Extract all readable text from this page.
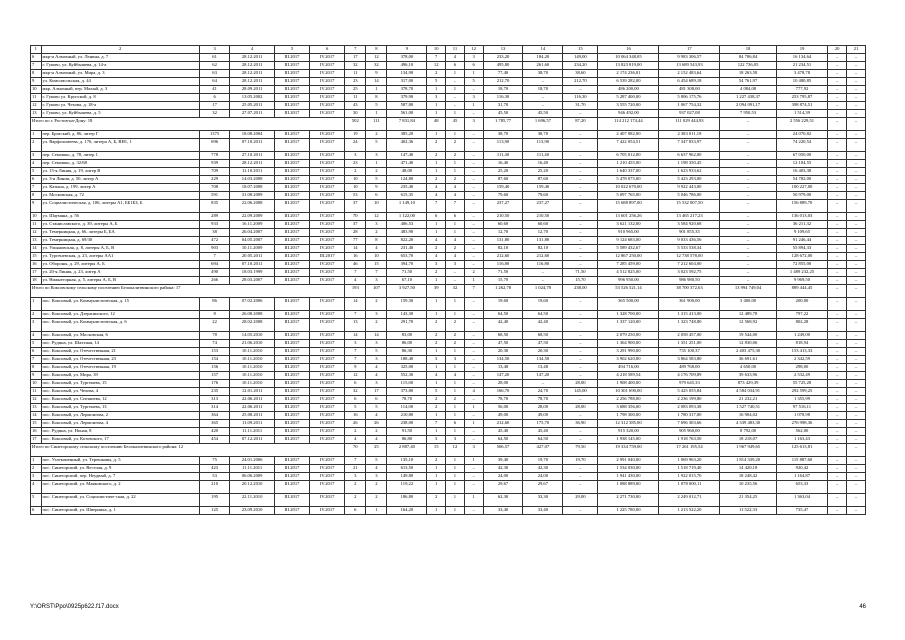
1	2	3	4	5	6	7	8	9	10	11	12	13	14	15	16	17	18	19	20	21
6	мкр-н Алмазный, ул. Ленина, д. 7	61	28.12.2011	III.2017	IV.2017	17	12	378,00	7	4	3	233,20	184,20	149,00	10 064 348,05	9 983 306,57	84 706,84	16 134,64	–	–
7	г. Гуково, ул. Куйбышева, д. 14-а	62	28.12.2011	III.2017	IV.2017	32	32	496,10	12	6	6	495,80	261,60	234,20	13 823 819,00	13 689 543,93	122 736,05	21 234,51	–	–
8	мкр-н Алмазный, ул. Мира, д. 3	63	28.12.2011	III.2017	IV.2017	11	9	134,90	2	1	1	77,40	38,70	38,60	2 174 236,01	2 152 483,64	18 263,58	3 478,78	–	–
9	ул. Комсомольская, д. 44	64	28.12.2011	III.2017	IV.2017	23	14	317,00	5	–	5	212,70	–	212,70	6 539 282,00	6 454 689,18	54 761,97	10 480,85	–	–
10	мкр. Алмазный, пер. Малый, д. 3	41	28.09.2011	III.2017	IV.2017	25	1	378,70	1	1	–	18,70	18,70	–	486 200,00	481 308,00	4 084,08	777,92	–	–
11	г. Гуково ул. Крупской, д. 8	6	13.05.2002	III.2017	IV.2017	11	8	379,90	3	–	3	116,30	–	116,30	5 287 400,00	5 806 175,76	1 227 438,37	253 795,87	–	–
12	г. Гуково ул. Чехова, д. 18-а	17	25.05.2011	III.2017	IV.2017	43	5	587,80	1	–	1	31,70	–	31,70	3 555 720,00	1 067 754,32	2 094 091,17	398 874,51	–	–
13	г. Гуково, ул. Куйбышева, д. 5	32	27.07.2011	III.2017	IV.2017	30	1	561,00	1	1	–	45,50	45,50	–	946 492,00	937 027,08	7 950,53	1 514,39	–	–
Итого по г. Ростов-на-Дону: 18						502	111	7 831,84	48	45	3	1 785,77	1 696,57	87,20	114 212 174,44	111 029 444,93	–	2 556 229,51	–	–
1	пер. Братский, д. 86, литер Г	1375	18.08.2004	III.2017	IV.2017	19	2	385,20	1	1	–	38,70	38,70	–	2 407 082,00	2 383 011,18	–	24 070,82	–	–
2	ул. Варфоломеева, д. 176, литера А, Б, ВН1, 1	696	07.10.2011	III.2017	IV.2017	24	5	402,36	2	2	–	113,90	113,90	–	7 422 054,51	7 347 833,97	–	74 220,54	–	–
3	пер. Семашко, д. 78, литер 1	778	27.10.2011	III.2017	IV.2017	3	3	147,40	2	2	–	111,40	111,40	–	6 705 012,00	6 637 962,00	–	67 050,00	–	–
4	пер. Семашко, д. 32/68	939	28.12.2011	III.2017	IV.2017	23	1	471,40	1	1	–	16,40	16,40	–	1 210 455,00	1 198 350,45	–	12 104,55	–	–
5	ул. 15-я Линия, д. 19, литер В	709	11.10.2011	III.2017	IV.2017	2	2	48,00	1	1	–	25,20	25,20	–	1 640 337,00	1 623 933,62	–	16 403,38	–	–
6	ул. 3-я Линия, д. 50, литер А	229	14.03.2008	III.2017	IV.2017	10	5	124,80	2	2	–	87,60	87,60	–	5 478 075,00	5 423 293,00	–	54 782,00	–	–
7	ул. Катына, д. 199, литер А	708	18.07.2008	III.2017	IV.2017	10	9	235,40	4	4	–	159,40	159,40	–	10 022 670,00	9 922 443,00	–	100 227,00	–	–
8	ул. Московская, д. 72	591	31.08.2009	III.2017	IV.2017	53	6	615,35	4	4	–	79,60	79,60	–	5 097 765,00	5 046 786,00	–	50 979,00	–	–
9	ул. Социалистическая, д. 106, литеры А1, ББ1БЗ, Б	835	22.06.2008	III.2017	IV.2017	37	10	1 149,10	7	7	–	237,27	237,27	–	15 688 897,00	15 532 007,50	–	156 889,70	–	–
10	ул. Шаумяна, д. 56	289	22.09.2009	III.2017	IV.2017	70	12	1 122,00	6	6	–	210,50	210,50	–	13 601 256,26	13 465 217,23	–	136 013,03	–	–
11	ул. Станиславского, д. 39, литеры А, Б	933	16.11.2009	III.2017	IV.2017	37	3	406,53	1	1	–	60,60	60,60	–	3 621 132,00	3 584 920,68	–	36 211,32	–	–
12	ул. Темерницкая, д. 66, литеры Б, БА	38	26.04.2007	III.2017	IV.2017	28	2	483,90	1	1	–	12,70	12,70	–	910 965,00	901 855,35	–	9 109,65	–	–
13	ул. Темерницкая, д. 69/30	472	04.05.2007	III.2017	IV.2017	77	8	822,20	4	4	–	131,80	131,80	–	9 124 683,00	9 033 436,56	–	91 246,44	–	–
14	ул. Ульяновская, д. 8, литеры А, Б, В	903	10.11.2009	III.2017	IV.2017	14	4	231,40	2	2	–	82,10	82,10	–	5 589 432,67	5 533 538,34	–	55 894,33	–	–
15	ул. Тургеневская, д. 23, литеры АА1	7	20.05.2011	III.2017	III.2017	16	10	653,70	4	4	–	212,60	212,60	–	12 867 250,00	12 738 578,00	–	128 672,00	–	–
16	ул. Обороны, д. 29, литеры А, Б	694	07.10.2011	III.2017	IV.2017	46	15	394,70	3	3	–	116,80	116,80	–	7 285 459,00	7 212 604,00	–	72 855,00	–	–
17	ул. 20-я Линия, д. 23, литер А	490	18.03.1999	III.2017	IV.2017	7	7	71,50	2	–	2	71,50	–	71,50	4 512 825,00	3 023 592,75	–	1 489 232,25	–	–
18	ул. Нижнегорная, д. 5, литеры А, Б, В	266	28.03.2007	III.2017	IV.2017	4	3	67,10	1	–	1	15,70	–	15,70	996 950,00	986 980,50	–	9 969,50	–	–
Итого по Коксовскому сельскому поселению Белокалитвинского района: 17						193	107	3 927,50	39	32	7	1 262,78	1 024,78	238,00	53 526 521,14	38 700 372,63	13 994 749,04	889 444,45	–	–
1	пос. Коксовый, ул. Коммунистическая, д. 15	86	07.02.2006	III.2017	IV.2017	14	2	159,30	1	1	–	19,60	19,60	–	365 500,00	361 900,00	3 400,00	200,00	–	–
2	пос. Коксовый, ул. Дзержинского, 12	8	26.08.2008	III.2017	IV.2017	7	3	143,30	1	1	–	64,50	64,50	–	1 328 700,00	1 315 413,00	12 489,78	797,22	–	–
3	пос. Коксовый, ул. Коммунистическая, д. 6	22	28.02.2008	III.2017	IV.2017	13	2	291,70	2	2	–	42,40	42,40	–	1 337 120,00	1 323 748,80	12 568,92	802,28	–	–
4	пос. Коксовый, ул. Московская, 6	78	14.05.2010	III.2017	IV.2017	14	14	83,00	2	2	–	68,50	68,50	–	2 079 250,00	2 058 457,00	19 544,00	1 249,00	–	–
5	пос. Рудина, ул. Шахтная, 14	74	21.06.2010	III.2017	IV.2017	3	3	86,00	2	2	–	47,50	47,50	–	1 364 900,00	1 351 251,00	12 830,06	818,94	–	–
6	пос. Коксовый, ул. Отечественная, 21	153	10.11.2010	III.2017	IV.2017	7	5	86,30	1	1	–	20,30	20,30	–	3 291 990,00	735 100,37	2 403 475,30	153 413,33	–	–
7	пос. Коксовый, ул. Отечественная, 23	154	10.11.2010	III.2017	IV.2017	7	3	188,40	3	3	–	134,50	134,50	–	3 902 620,00	3 864 583,80	36 691,61	2 342,59	–	–
8	пос. Коксовый, ул. Отечественная, 19	156	10.11.2010	III.2017	IV.2017	9	4	325,00	1	1	–	13,48	13,48	–	494 716,00	489 768,00	4 650,00	298,00	–	–
9	пос. Коксовый, ул. Мира, 39	157	10.11.2010	III.2017	IV.2017	12	4	552,30	4	4	–	147,20	147,20	–	4 218 589,54	4 176 709,89	39 633,96	2 532,49	–	–
10	пос. Коксовый, ул. Тургенева, 15	176	10.11.2010	III.2017	IV.2017	6	3	115,00	1	1	–	28,00	–	28,00	1 908 400,00	979 645,33	873 429,39	55 725,28	–	–
11	пос. Коксовый, ул. Чехова, 4	235	12.01.2011	III.2017	IV.2017	32	17	373,80	5	1	4	166,70	24,70	145,00	10 301 690,00	5 425 055,84	4 584 034,91	292 599,25	–	–
12	пос. Коксовый, ул. Спешиева, 12	313	22.06.2011	III.2017	IV.2017	6	6	78,70	2	2	–	78,70	78,70	–	2 256 788,00	2 236 199,80	21 232,21	1 355,99	–	–
13	пос. Коксовый, ул. Тургенева, 13	314	22.06.2011	III.2017	IV.2017	5	5	114,00	2	1	1	56,00	28,00	28,00	3 688 356,00	2 083 093,38	1 527 740,51	97 516,11	–	–
14	пос. Коксовый, ул. Лермонтова, 2	364	25.08.2011	III.2017	IV.2017	16	4	210,80	1	1	–	49,00	49,00	–	1 798 300,00	1 780 317,00	16 904,02	1 078,98	–	–
15	пос. Коксовый, ул. Лермонтова, 4	365	11.09.2011	III.2017	IV.2017	26	26	238,00	7	6	1	212,60	175,70	36,90	12 312 385,00	7 696 303,66	4 339 483,30	276 998,36	–	–
16	пос. Рудина, ул. Ноная, 8	420	11.11.2011	III.2017	IV.2017	2	2	91,50	1	1	–	45,40	45,40	–	915 320,00	905 960,00	8 792,00	562,00	–	–
17	пос. Коксовый, ул. Котовского, 17	454	07.12.2011	III.2017	IV.2017	4	4	86,80	3	3	–	64,50	64,50	–	1 938 145,00	1 918 763,50	18 218,07	1 163,43	–	–
Итого по Синегорскому сельскому поселению Белокалитвинского района: 12						70	25	2 887,40	15	12	3	506,57	427,07	79,50	19 334 759,00	17 261 195,54	1 967 949,65	125 613,81	–	–
1	пос. Углекаменный, ул. Терешковы, д. 5	75	24.01.2006	III.2017	IV.2017	7	5	135,10	2	1	1	39,40	19,70	19,70	2 991 040,00	1 069 963,20	1 814 339,20	115 887,60	–	–
2	пос. Синегорский, ул. Веселая, д. 9	423	11.11.2011	III.2017	IV.2017	21	4	613,50	1	1	–	42,30	42,30	–	1 534 030,00	1 518 719,40	14 420,18	920,42	–	–
3	пос. Синегорский, пер. Неудвый, д. 7	53	06.06.2009	III.2017	IV.2017	3	3	149,80	1	1	–	24,00	24,00	–	1 941 430,00	1 922 015,70	18 248,42	1 164,87	–	–
4	пос. Синегорский, ул. Маяковского, д. 2	210	20.12.2010	III.2017	IV.2017	2	2	119,22	1	1	–	29,67	29,67	–	1 088 889,00	1 078 000,11	10 235,56	653,33	–	–
5	пос. Синегорский, ул. Социалистиче-ская, д. 22	195	22.11.2010	III.2017	IV.2017	2	2	186,80	2	1	1	62,30	33,30	29,00	2 271 730,00	2 249 012,71	21 354,25	1 363,04	–	–
6	пос. Синегорский, ул. Шверника, д. 1	125	23.09.2010	III.2017	IV.2017	6	1	164,20	1	1	–	33,40	33,40	–	1 225 780,00	1 213 522,20	11 522,33	735,47	–	–
Y:\ORST\Ppo\0925p622.f17.docx	46
